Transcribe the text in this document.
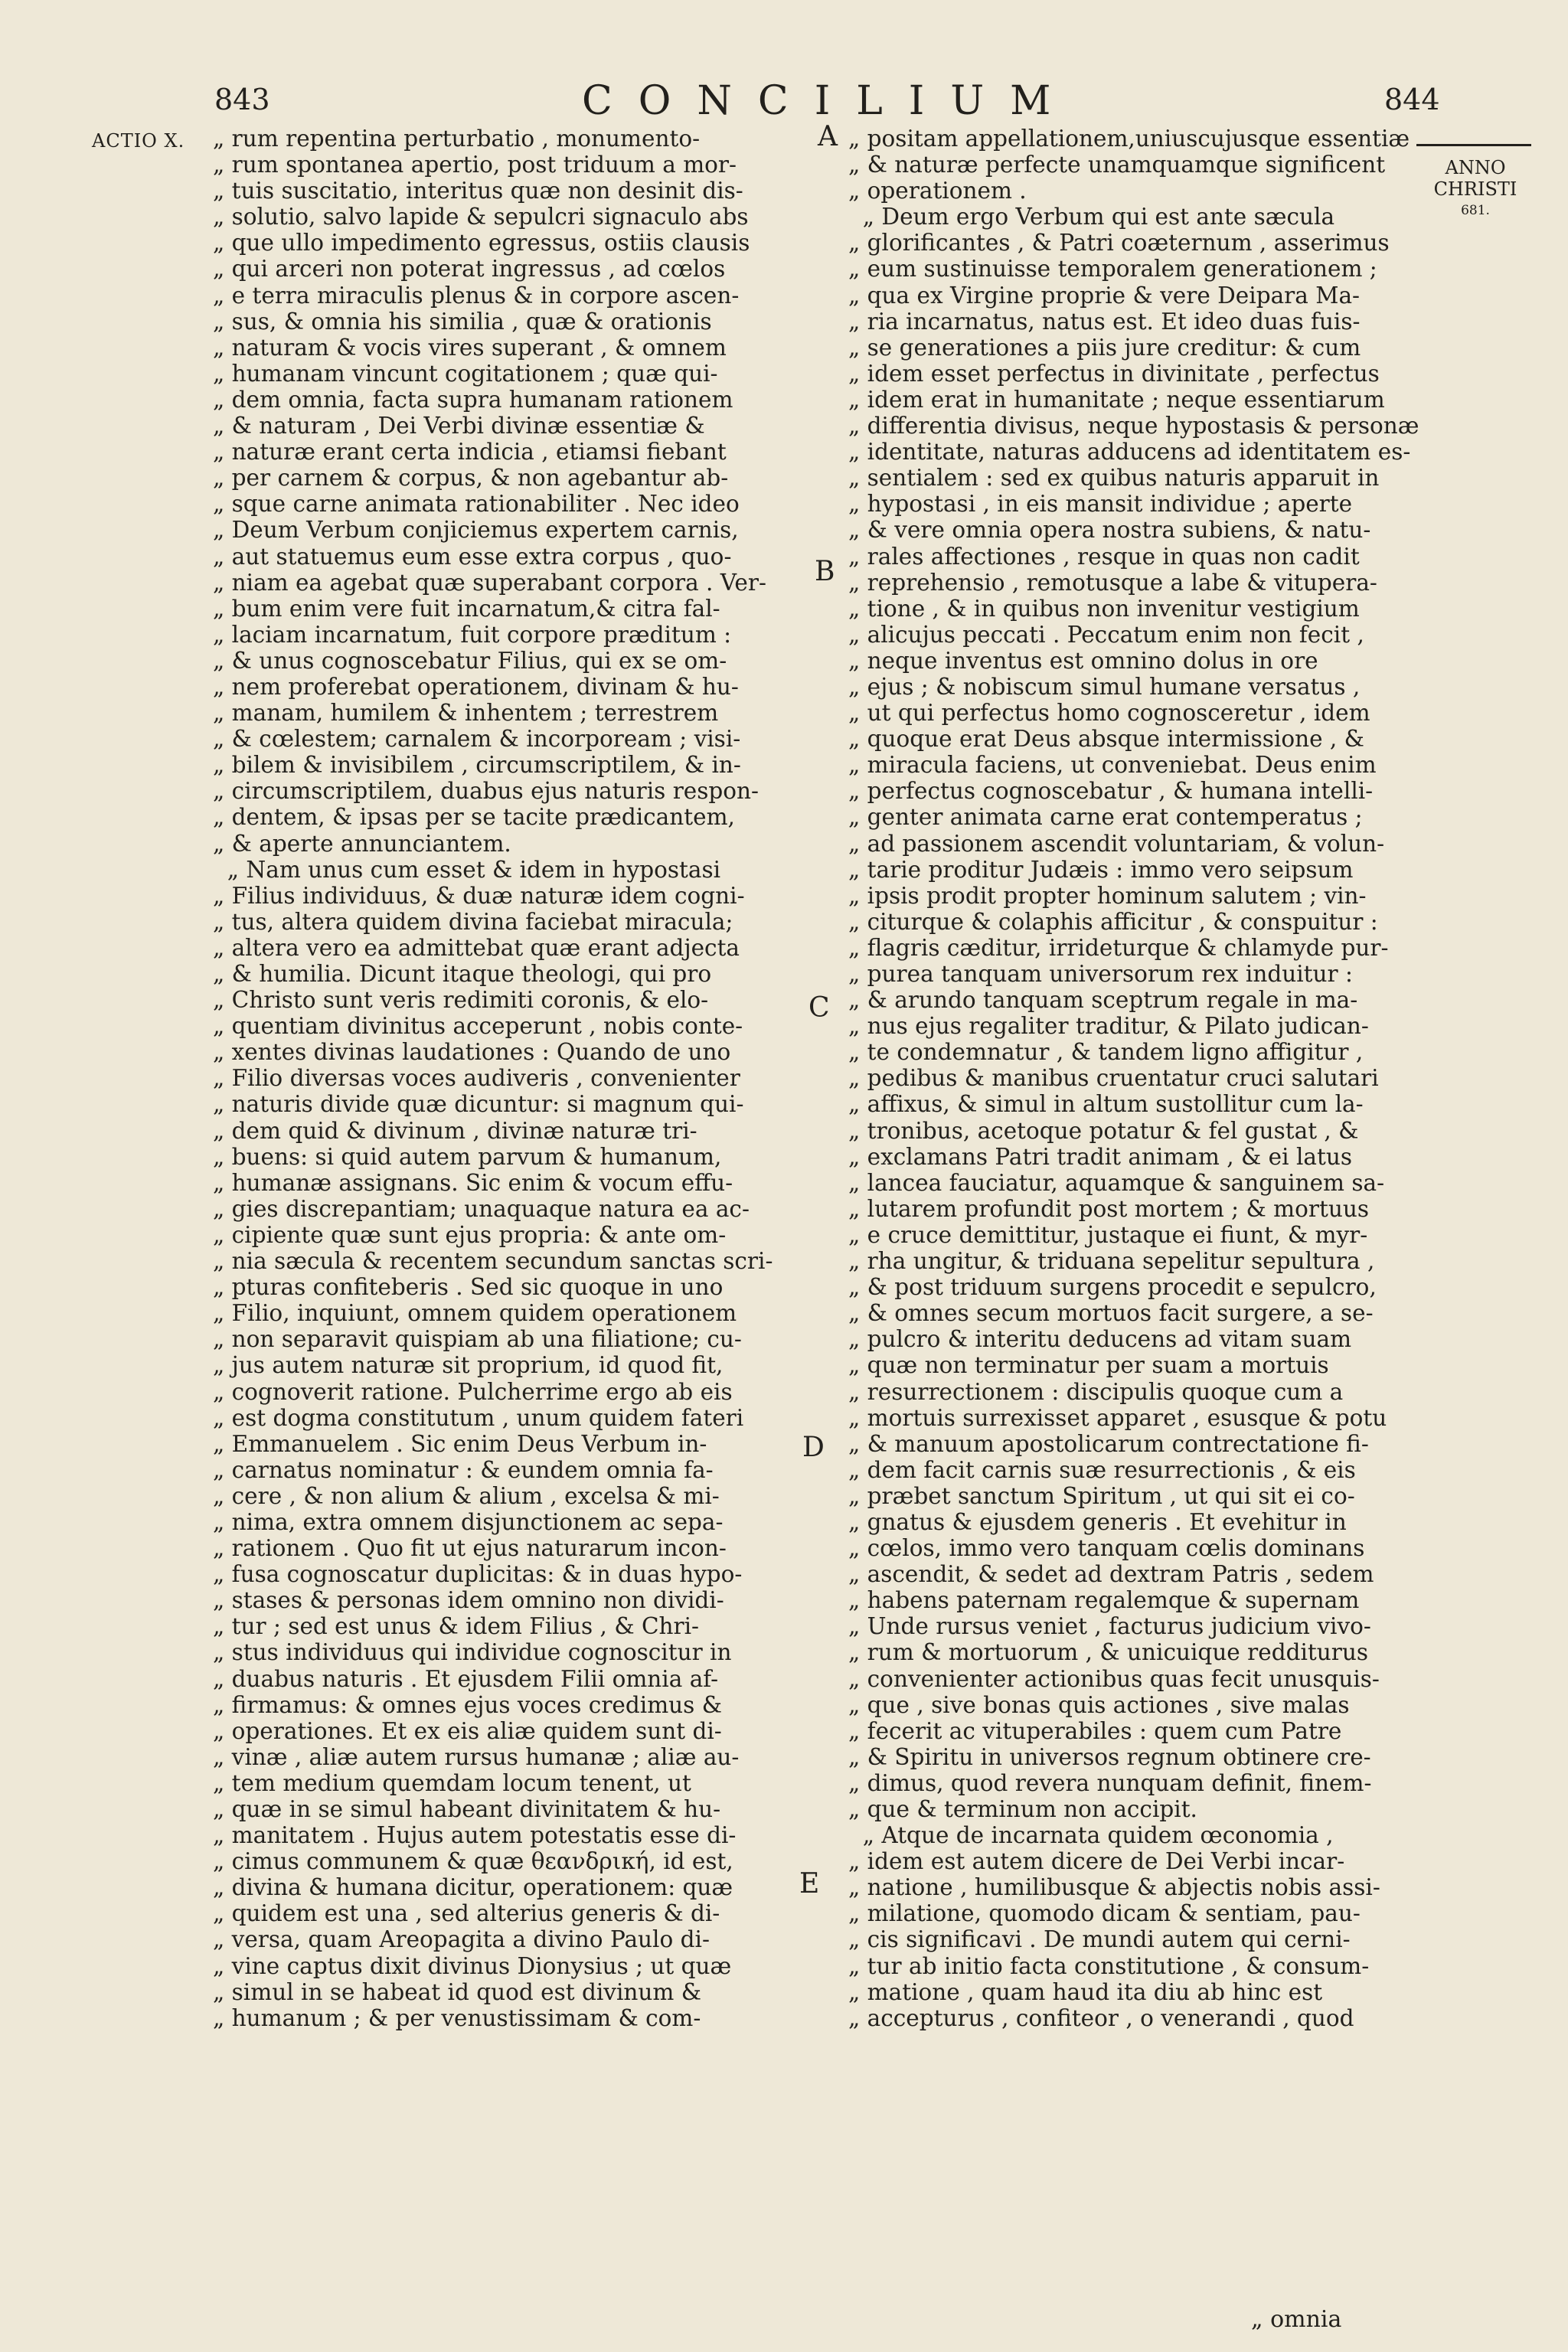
843	CONCILIUM	844
ACTIO X.
ANNO
CHRISTI
681.
„ rum repentina perturbatio , monumento-
„ rum spontanea apertio, post triduum a mor-
„ tuis suscitatio, interitus quæ non desinit dis-
„ solutio, salvo lapide & sepulcri signaculo abs
„ que ullo impedimento egressus, ostiis clausis
„ qui arceri non poterat ingressus , ad cœlos
„ e terra miraculis plenus & in corpore ascen-
„ sus, & omnia his similia , quæ & orationis
„ naturam & vocis vires superant , & omnem
„ humanam vincunt cogitationem ; quæ qui-
„ dem omnia, facta supra humanam rationem
„ & naturam , Dei Verbi divinæ essentiæ &
„ naturæ erant certa indicia , etiamsi fiebant
„ per carnem & corpus, & non agebantur ab-
„ sque carne animata rationabiliter . Nec ideo
„ Deum Verbum conjiciemus expertem carnis,
„ aut statuemus eum esse extra corpus , quo-
„ niam ea agebat quæ superabant corpora . Ver-
„ bum enim vere fuit incarnatum,& citra fal-
„ laciam incarnatum, fuit corpore præditum :
„ & unus cognoscebatur Filius, qui ex se om-
„ nem proferebat operationem, divinam & hu-
„ manam, humilem & inhentem ; terrestrem
„ & cœlestem; carnalem & incorpoream ; visi-
„ bilem & invisibilem , circumscriptilem, & in-
„ circumscriptilem, duabus ejus naturis respon-
„ dentem, & ipsas per se tacite prædicantem,
„ & aperte annunciantem.
„ Nam unus cum esset & idem in hypostasi
„ Filius individuus, & duæ naturæ idem cogni-
„ tus, altera quidem divina faciebat miracula;
„ altera vero ea admittebat quæ erant adjecta
„ & humilia. Dicunt itaque theologi, qui pro
„ Christo sunt veris redimiti coronis, & elo-
„ quentiam divinitus acceperunt , nobis conte-
„ xentes divinas laudationes : Quando de uno
„ Filio diversas voces audiveris , convenienter
„ naturis divide quæ dicuntur: si magnum qui-
„ dem quid & divinum , divinæ naturæ tri-
„ buens: si quid autem parvum & humanum,
„ humanæ assignans. Sic enim & vocum effu-
„ gies discrepantiam; unaquaque natura ea ac-
„ cipiente quæ sunt ejus propria: & ante om-
„ nia sæcula & recentem secundum sanctas scri-
„ pturas confiteberis . Sed sic quoque in uno
„ Filio, inquiunt, omnem quidem operationem
„ non separavit quispiam ab una filiatione; cu-
„ jus autem naturæ sit proprium, id quod fit,
„ cognoverit ratione. Pulcherrime ergo ab eis
„ est dogma constitutum , unum quidem fateri
„ Emmanuelem . Sic enim Deus Verbum in-
„ carnatus nominatur : & eundem omnia fa-
„ cere , & non alium & alium , excelsa & mi-
„ nima, extra omnem disjunctionem ac sepa-
„ rationem . Quo fit ut ejus naturarum incon-
„ fusa cognoscatur duplicitas: & in duas hypo-
„ stases & personas idem omnino non dividi-
„ tur ; sed est unus & idem Filius , & Chri-
„ stus individuus qui individue cognoscitur in
„ duabus naturis . Et ejusdem Filii omnia af-
„ firmamus: & omnes ejus voces credimus &
„ operationes. Et ex eis aliæ quidem sunt di-
„ vinæ , aliæ autem rursus humanæ ; aliæ au-
„ tem medium quemdam locum tenent, ut
„ quæ in se simul habeant divinitatem & hu-
„ manitatem . Hujus autem potestatis esse di-
„ cimus communem & quæ θεανδρική, id est,
„ divina & humana dicitur, operationem: quæ
„ quidem est una , sed alterius generis & di-
„ versa, quam Areopagita a divino Paulo di-
„ vine captus dixit divinus Dionysius ; ut quæ
„ simul in se habeat id quod est divinum &
„ humanum ; & per venustissimam & com-
„ positam appellationem,uniuscujusque essentiæ
„ & naturæ perfecte unamquamque significent
„ operationem .
„ Deum ergo Verbum qui est ante sæcula
„ glorificantes , & Patri coæternum , asserimus
„ eum sustinuisse temporalem generationem ;
„ qua ex Virgine proprie & vere Deipara Ma-
„ ria incarnatus, natus est. Et ideo duas fuis-
„ se generationes a piis jure creditur: & cum
„ idem esset perfectus in divinitate , perfectus
„ idem erat in humanitate ; neque essentiarum
„ differentia divisus, neque hypostasis & personæ
„ identitate, naturas adducens ad identitatem es-
„ sentialem : sed ex quibus naturis apparuit in
„ hypostasi , in eis mansit individue ; aperte
„ & vere omnia opera nostra subiens, & natu-
„ rales affectiones , resque in quas non cadit
„ reprehensio , remotusque a labe & vitupera-
„ tione , & in quibus non invenitur vestigium
„ alicujus peccati . Peccatum enim non fecit ,
„ neque inventus est omnino dolus in ore
„ ejus ; & nobiscum simul humane versatus ,
„ ut qui perfectus homo cognosceretur , idem
„ quoque erat Deus absque intermissione , &
„ miracula faciens, ut conveniebat. Deus enim
„ perfectus cognoscebatur , & humana intelli-
„ genter animata carne erat contemperatus ;
„ ad passionem ascendit voluntariam, & volun-
„ tarie proditur Judæis : immo vero seipsum
„ ipsis prodit propter hominum salutem ; vin-
„ citurque & colaphis afficitur , & conspuitur :
„ flagris cæditur, irrideturque & chlamyde pur-
„ purea tanquam universorum rex induitur :
„ & arundo tanquam sceptrum regale in ma-
„ nus ejus regaliter traditur, & Pilato judican-
„ te condemnatur , & tandem ligno affigitur ,
„ pedibus & manibus cruentatur cruci salutari
„ affixus, & simul in altum sustollitur cum la-
„ tronibus, acetoque potatur & fel gustat , &
„ exclamans Patri tradit animam , & ei latus
„ lancea fauciatur, aquamque & sanguinem sa-
„ lutarem profundit post mortem ; & mortuus
„ e cruce demittitur, justaque ei fiunt, & myr-
„ rha ungitur, & triduana sepelitur sepultura ,
„ & post triduum surgens procedit e sepulcro,
„ & omnes secum mortuos facit surgere, a se-
„ pulcro & interitu deducens ad vitam suam
„ quæ non terminatur per suam a mortuis
„ resurrectionem : discipulis quoque cum a
„ mortuis surrexisset apparet , esusque & potu
„ & manuum apostolicarum contrectatione fi-
„ dem facit carnis suæ resurrectionis , & eis
„ præbet sanctum Spiritum , ut qui sit ei co-
„ gnatus & ejusdem generis . Et evehitur in
„ cœlos, immo vero tanquam cœlis dominans
„ ascendit, & sedet ad dextram Patris , sedem
„ habens paternam regalemque & supernam
„ Unde rursus veniet , facturus judicium vivo-
„ rum & mortuorum , & unicuique redditurus
„ convenienter actionibus quas fecit unusquis-
„ que , sive bonas quis actiones , sive malas
„ fecerit ac vituperabiles : quem cum Patre
„ & Spiritu in universos regnum obtinere cre-
„ dimus, quod revera nunquam definit, finem-
„ que & terminum non accipit.
„ Atque de incarnata quidem œconomia ,
„ idem est autem dicere de Dei Verbi incar-
„ natione , humilibusque & abjectis nobis assi-
„ milatione, quomodo dicam & sentiam, pau-
„ cis significavi . De mundi autem qui cerni-
„ tur ab initio facta constitutione , & consum-
„ matione , quam haud ita diu ab hinc est
„ accepturus , confiteor , o venerandi , quod
A
B
C
D
E
„ omnia
